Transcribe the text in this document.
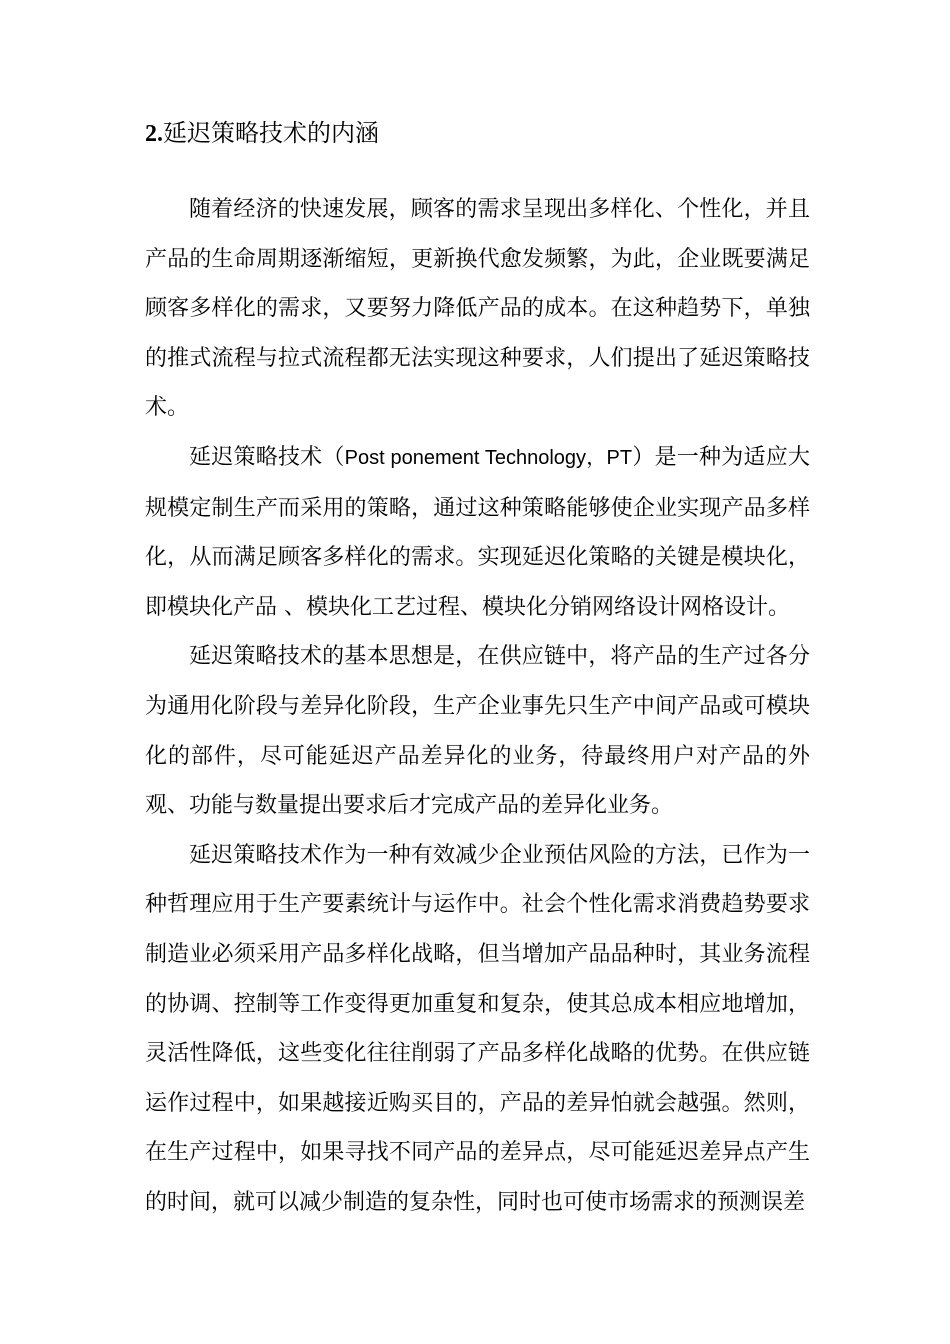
2.延迟策略技术的内涵

随着经济的快速发展，顾客的需求呈现出多样化、个性化，并且产品的生命周期逐渐缩短，更新换代愈发频繁，为此，企业既要满足顾客多样化的需求，又要努力降低产品的成本。在这种趋势下，单独的推式流程与拉式流程都无法实现这种要求，人们提出了延迟策略技术。

延迟策略技术（Post ponement Technology，PT）是一种为适应大规模定制生产而采用的策略，通过这种策略能够使企业实现产品多样化，从而满足顾客多样化的需求。实现延迟化策略的关键是模块化，即模块化产品 、模块化工艺过程、模块化分销网络设计网格设计。

延迟策略技术的基本思想是，在供应链中，将产品的生产过各分为通用化阶段与差异化阶段，生产企业事先只生产中间产品或可模块化的部件，尽可能延迟产品差异化的业务，待最终用户对产品的外观、功能与数量提出要求后才完成产品的差异化业务。

延迟策略技术作为一种有效减少企业预估风险的方法，已作为一种哲理应用于生产要素统计与运作中。社会个性化需求消费趋势要求制造业必须采用产品多样化战略，但当增加产品品种时，其业务流程的协调、控制等工作变得更加重复和复杂，使其总成本相应地增加，灵活性降低，这些变化往往削弱了产品多样化战略的优势。在供应链运作过程中，如果越接近购买目的，产品的差异怕就会越强。然则，在生产过程中，如果寻找不同产品的差异点，尽可能延迟差异点产生的时间，就可以减少制造的复杂性，同时也可使市场需求的预测误差
